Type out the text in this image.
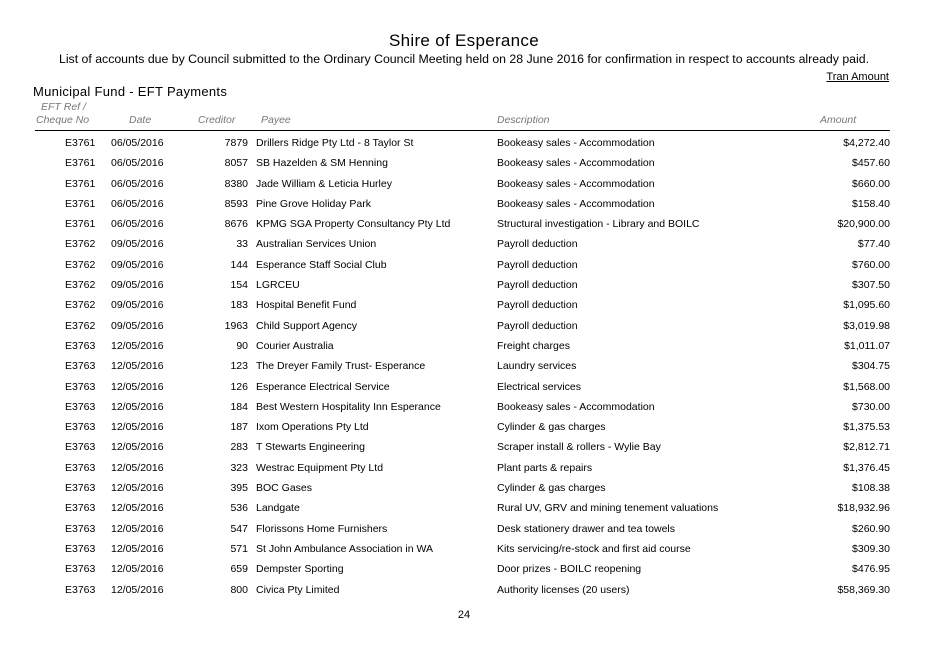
Shire of Esperance
List of accounts due by Council submitted to the Ordinary Council Meeting held on 28 June 2016 for confirmation in respect to accounts already paid.
Tran Amount
Municipal Fund - EFT Payments
EFT Ref /
Cheque No	Date	Creditor Payee	Description	Amount
E3761 06/05/2016	7879 Drillers Ridge Pty Ltd - 8 Taylor St	Bookeasy sales - Accommodation	$4,272.40
E3761 06/05/2016	8057 SB Hazelden & SM Henning	Bookeasy sales - Accommodation	$457.60
E3761 06/05/2016	8380 Jade William & Leticia Hurley	Bookeasy sales - Accommodation	$660.00
E3761 06/05/2016	8593 Pine Grove Holiday Park	Bookeasy sales - Accommodation	$158.40
E3761 06/05/2016	8676 KPMG SGA Property Consultancy Pty Ltd	Structural investigation - Library and BOILC	$20,900.00
E3762 09/05/2016	33 Australian Services Union	Payroll deduction	$77.40
E3762 09/05/2016	144 Esperance Staff Social Club	Payroll deduction	$760.00
E3762 09/05/2016	154 LGRCEU	Payroll deduction	$307.50
E3762 09/05/2016	183 Hospital Benefit Fund	Payroll deduction	$1,095.60
E3762 09/05/2016	1963 Child Support Agency	Payroll deduction	$3,019.98
E3763 12/05/2016	90 Courier Australia	Freight charges	$1,011.07
E3763 12/05/2016	123 The Dreyer Family Trust- Esperance	Laundry services	$304.75
E3763 12/05/2016	126 Esperance Electrical Service	Electrical services	$1,568.00
E3763 12/05/2016	184 Best Western Hospitality Inn Esperance	Bookeasy sales - Accommodation	$730.00
E3763 12/05/2016	187 Ixom Operations Pty Ltd	Cylinder & gas charges	$1,375.53
E3763 12/05/2016	283 T Stewarts Engineering	Scraper install & rollers - Wylie Bay	$2,812.71
E3763 12/05/2016	323 Westrac Equipment Pty Ltd	Plant parts & repairs	$1,376.45
E3763 12/05/2016	395 BOC Gases	Cylinder & gas charges	$108.38
E3763 12/05/2016	536 Landgate	Rural UV, GRV and mining tenement valuations	$18,932.96
E3763 12/05/2016	547 Florissons Home Furnishers	Desk stationery drawer and tea towels	$260.90
E3763 12/05/2016	571 St John Ambulance Association in WA	Kits servicing/re-stock and first aid course	$309.30
E3763 12/05/2016	659 Dempster Sporting	Door prizes - BOILC reopening	$476.95
E3763 12/05/2016	800 Civica Pty Limited	Authority licenses (20 users)	$58,369.30
24
